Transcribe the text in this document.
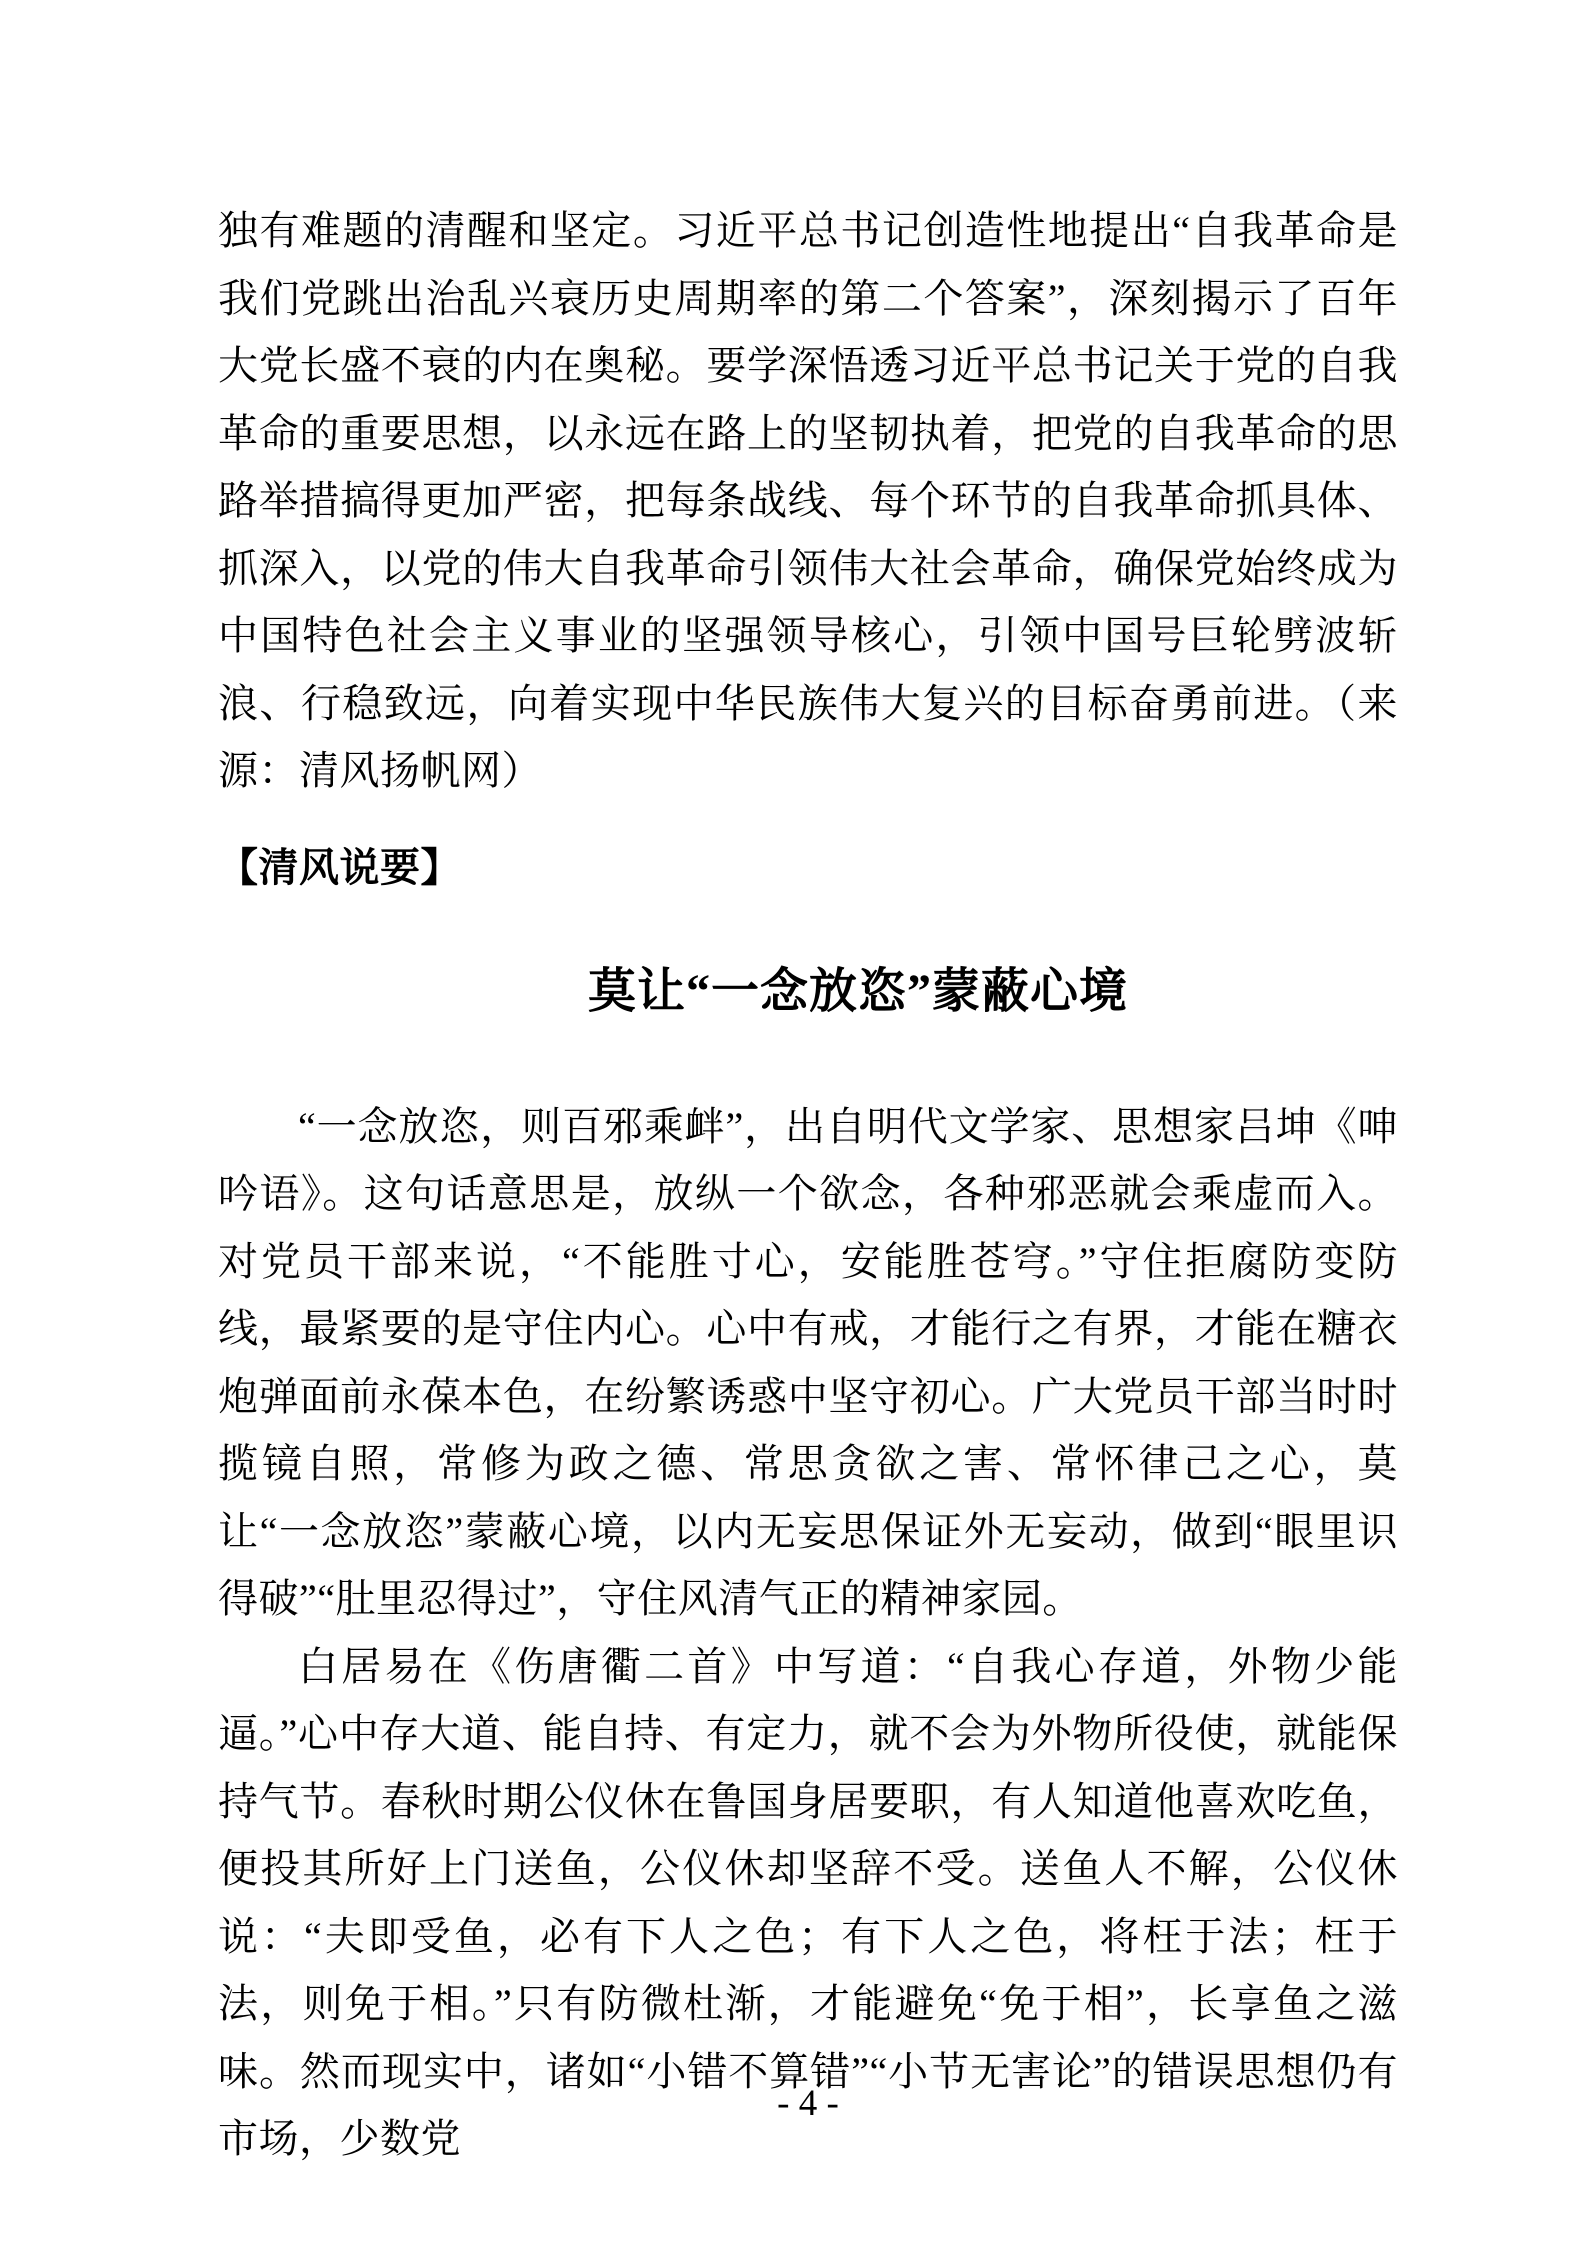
独有难题的清醒和坚定。习近平总书记创造性地提出“自我革命是我们党跳出治乱兴衰历史周期率的第二个答案”，深刻揭示了百年大党长盛不衰的内在奥秘。要学深悟透习近平总书记关于党的自我革命的重要思想，以永远在路上的坚韧执着，把党的自我革命的思路举措搞得更加严密，把每条战线、每个环节的自我革命抓具体、抓深入，以党的伟大自我革命引领伟大社会革命，确保党始终成为中国特色社会主义事业的坚强领导核心，引领中国号巨轮劈波斩浪、行稳致远，向着实现中华民族伟大复兴的目标奋勇前进。（来源：清风扬帆网）

【清风说要】

莫让“一念放恣”蒙蔽心境

“一念放恣，则百邪乘衅”，出自明代文学家、思想家吕坤《呻吟语》。这句话意思是，放纵一个欲念，各种邪恶就会乘虚而入。对党员干部来说，“不能胜寸心，安能胜苍穹。”守住拒腐防变防线，最紧要的是守住内心。心中有戒，才能行之有界，才能在糖衣炮弹面前永葆本色，在纷繁诱惑中坚守初心。广大党员干部当时时揽镜自照，常修为政之德、常思贪欲之害、常怀律己之心，莫让“一念放恣”蒙蔽心境，以内无妄思保证外无妄动，做到“眼里识得破”“肚里忍得过”，守住风清气正的精神家园。

白居易在《伤唐衢二首》中写道：“自我心存道，外物少能逼。”心中存大道、能自持、有定力，就不会为外物所役使，就能保持气节。春秋时期公仪休在鲁国身居要职，有人知道他喜欢吃鱼，便投其所好上门送鱼，公仪休却坚辞不受。送鱼人不解，公仪休说：“夫即受鱼，必有下人之色；有下人之色，将枉于法；枉于法，则免于相。”只有防微杜渐，才能避免“免于相”，长享鱼之滋味。然而现实中，诸如“小错不算错”“小节无害论”的错误思想仍有市场，少数党

- 4 -
